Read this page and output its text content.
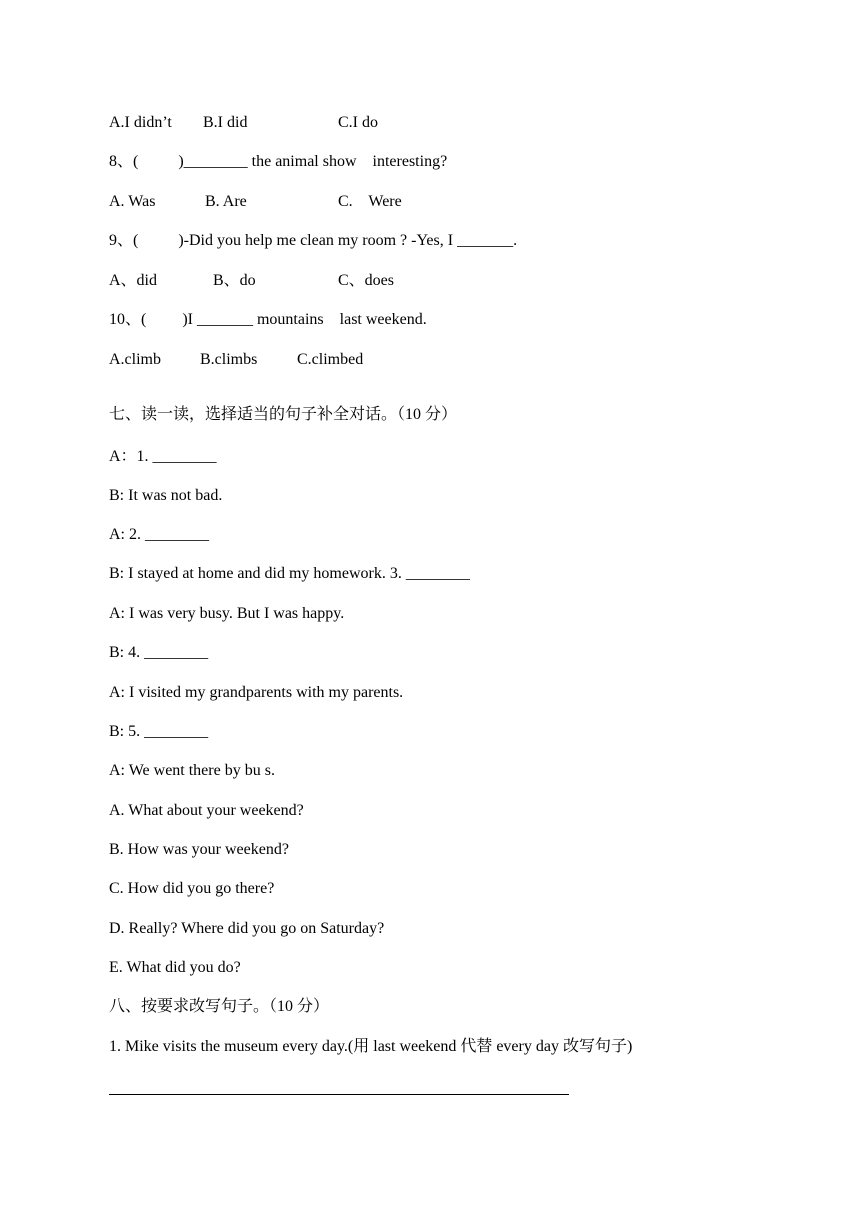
A.I didn’t B.I did	C.I do
8、(          )________ the animal show    interesting?
A. Was	B. Are	C.    Were
9、(          )-Did you help me clean my room ? -Yes, I _______.
A、did	B、do	C、does
10、(         )I _______ mountains    last weekend.
A.climb B.climbs C.climbed
七、读一读，选择适当的句子补全对话。（10 分）
A：1. ________
B: It was not bad.
A: 2. ________
B: I stayed at home and did my homework. 3. ________
A: I was very busy. But I was happy.
B: 4. ________
A: I visited my grandparents with my parents.
B: 5. ________
A: We went there by bu s.
A. What about your weekend?
B. How was your weekend?
C. How did you go there?
D. Really? Where did you go on Saturday?
E. What did you do?
八、按要求改写句子。（10 分）
1. Mike visits the museum every day.(用 last weekend 代替 every day 改写句子)
